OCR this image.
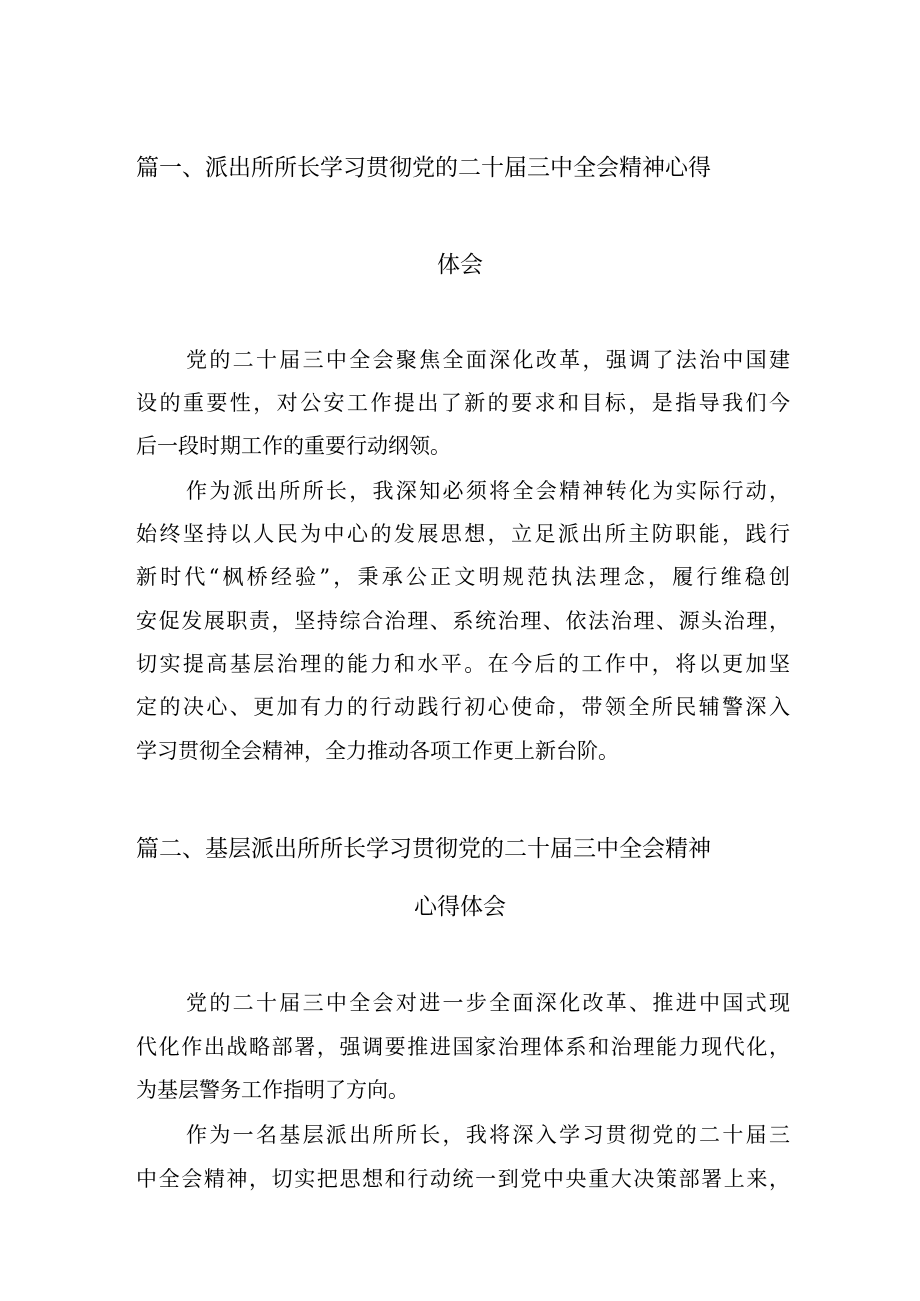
篇一、派出所所长学习贯彻党的二十届三中全会精神心得
体会
党的二十届三中全会聚焦全面深化改革，强调了法治中国建
设的重要性，对公安工作提出了新的要求和目标，是指导我们今
后一段时期工作的重要行动纲领。
作为派出所所长，我深知必须将全会精神转化为实际行动，
始终坚持以人民为中心的发展思想，立足派出所主防职能，践行
新时代“枫桥经验”，秉承公正文明规范执法理念，履行维稳创
安促发展职责，坚持综合治理、系统治理、依法治理、源头治理，
切实提高基层治理的能力和水平。在今后的工作中，将以更加坚
定的决心、更加有力的行动践行初心使命，带领全所民辅警深入
学习贯彻全会精神，全力推动各项工作更上新台阶。
篇二、基层派出所所长学习贯彻党的二十届三中全会精神
心得体会
党的二十届三中全会对进一步全面深化改革、推进中国式现
代化作出战略部署，强调要推进国家治理体系和治理能力现代化，
为基层警务工作指明了方向。
作为一名基层派出所所长，我将深入学习贯彻党的二十届三
中全会精神，切实把思想和行动统一到党中央重大决策部署上来，
